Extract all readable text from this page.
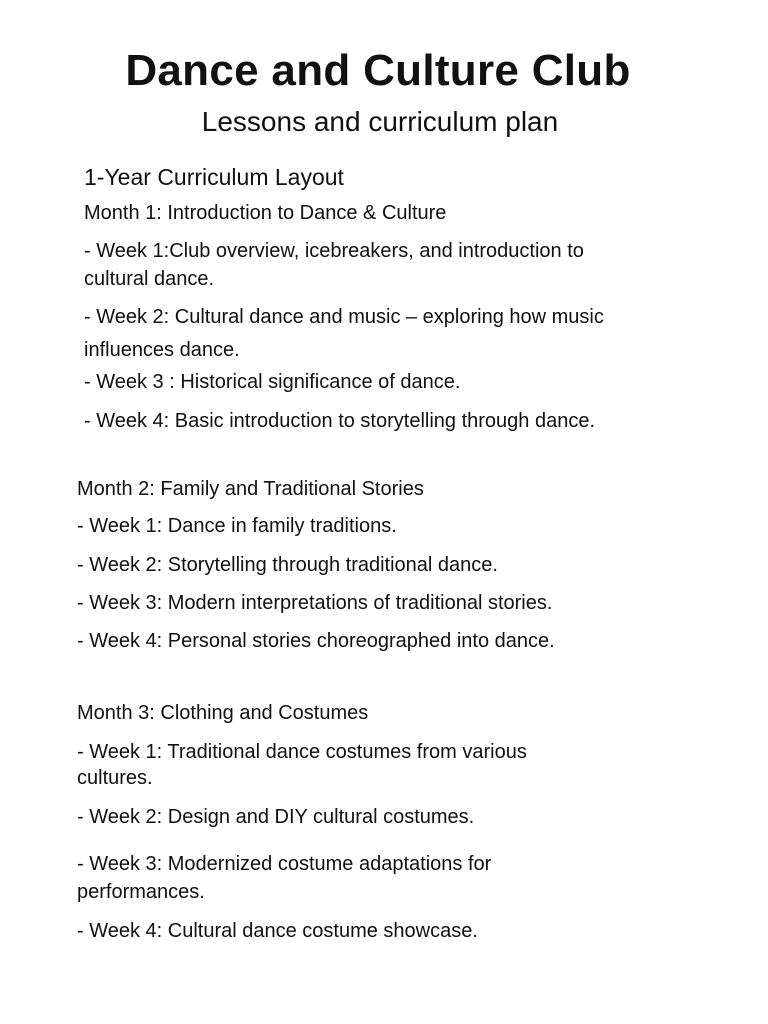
Dance and Culture Club
Lessons and curriculum plan
1-Year Curriculum Layout
Month 1: Introduction to Dance & Culture
- Week 1:Club overview, icebreakers, and introduction to
cultural dance.
- Week 2: Cultural dance and music – exploring how music
influences dance.
- Week 3 : Historical significance of dance.
- Week 4: Basic introduction to storytelling through dance.
Month 2: Family and Traditional Stories
- Week 1: Dance in family traditions.
- Week 2: Storytelling through traditional dance.
- Week 3: Modern interpretations of traditional stories.
- Week 4: Personal stories choreographed into dance.
Month 3: Clothing and Costumes
- Week 1: Traditional dance costumes from various
cultures.
- Week 2: Design and DIY cultural costumes.
- Week 3: Modernized costume adaptations for
performances.
- Week 4: Cultural dance costume showcase.
